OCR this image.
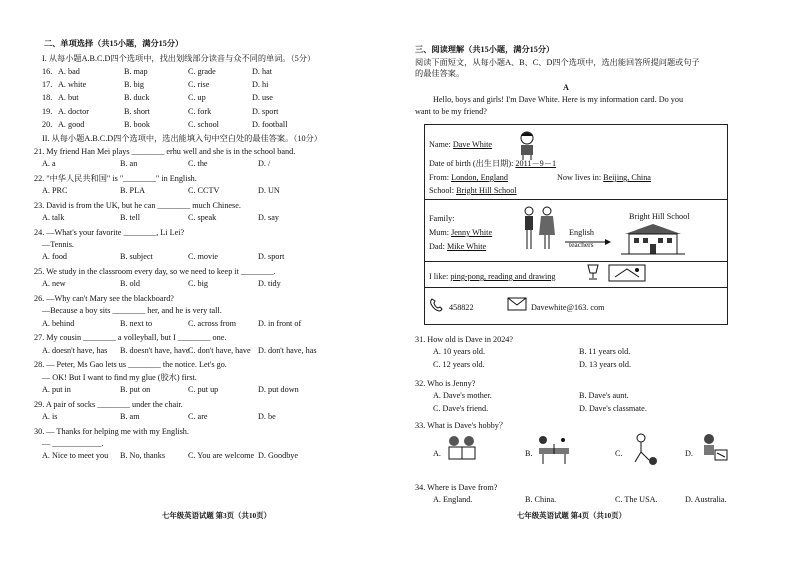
二、单项选择（共15小题，满分15分）
I. 从每小题A.B.C.D四个选项中，找出划线部分读音与众不同的单词。（5分）
16. A. bad	B. map	C. grade	D. hat
17. A. white	B. big	C. rise	D. hi
18. A. but	B. duck	C. up	D. use
19. A. doctor	B. short	C. fork	D. sport
20. A. good	B. book	C. school	D. football
II. 从每小题A.B.C.D四个选项中，选出能填入句中空白处的最佳答案。（10分）
21. My friend Han Mei plays ________ erhu well and she is in the school band.
A. a	B. an	C. the	D. /
22. "中华人民共和国" is "________" in English.
A. PRC	B. PLA	C. CCTV	D. UN
23. David is from the UK, but he can ________ much Chinese.
A. talk	B. tell	C. speak	D. say
24. —What's your favorite ________, Li Lei?
—Tennis.
A. food	B. subject	C. movie	D. sport
25. We study in the classroom every day, so we need to keep it ________.
A. new	B. old	C. big	D. tidy
26. —Why can't Mary see the blackboard?
—Because a boy sits ________ her, and he is very tall.
A. behind	B. next to	C. across from	D. in front of
27. My cousin ________ a volleyball, but I ________ one.
A. doesn't have, has B. doesn't have, have
C. don't have, have D. don't have, has
28. — Peter, Ms Gao lets us ________ the notice. Let's go.
— OK! But I want to find my glue (胶水) first.
A. put in	B. put on	C. put up	D. put down
29. A pair of socks ________ under the chair.
A. is	B. am	C. are	D. be
30. — Thanks for helping me with my English.
— ____________.
A. Nice to meet you B. No, thanks	C. You are welcome D. Goodbye
七年级英语试题 第3页（共10页）
三、阅读理解（共15小题，满分15分）
阅读下面短文，从每小题A、B、C、D四个选项中，选出能回答所提问题或句子
的最佳答案。
A
Hello, boys and girls! I'm Dave White. Here is my information card. Do you
want to be my friend?
31. How old is Dave in 2024?
A. 10 years old.	B. 11 years old.
C. 12 years old.	D. 13 years old.
32. Who is Jenny?
A. Dave's mother.	B. Dave's aunt.
C. Dave's friend.	D. Dave's classmate.
33. What is Dave's hobby？
A.	B.	C.	D.
34. Where is Dave from?
A. England.	B. China.	C. The USA.	D. Australia.
七年级英语试题 第4页（共10页）
Name: Dave White
Date of birth (出生日期): 2011－9－1
From: London, England	Now lives in: Beijing, China
School: Bright Hill School
Family:
Mum: Jenny White
Dad: Mike White
English
teachers
Bright Hill School
I like: ping-pong, reading and drawing
458822	Davewhite@163. com
